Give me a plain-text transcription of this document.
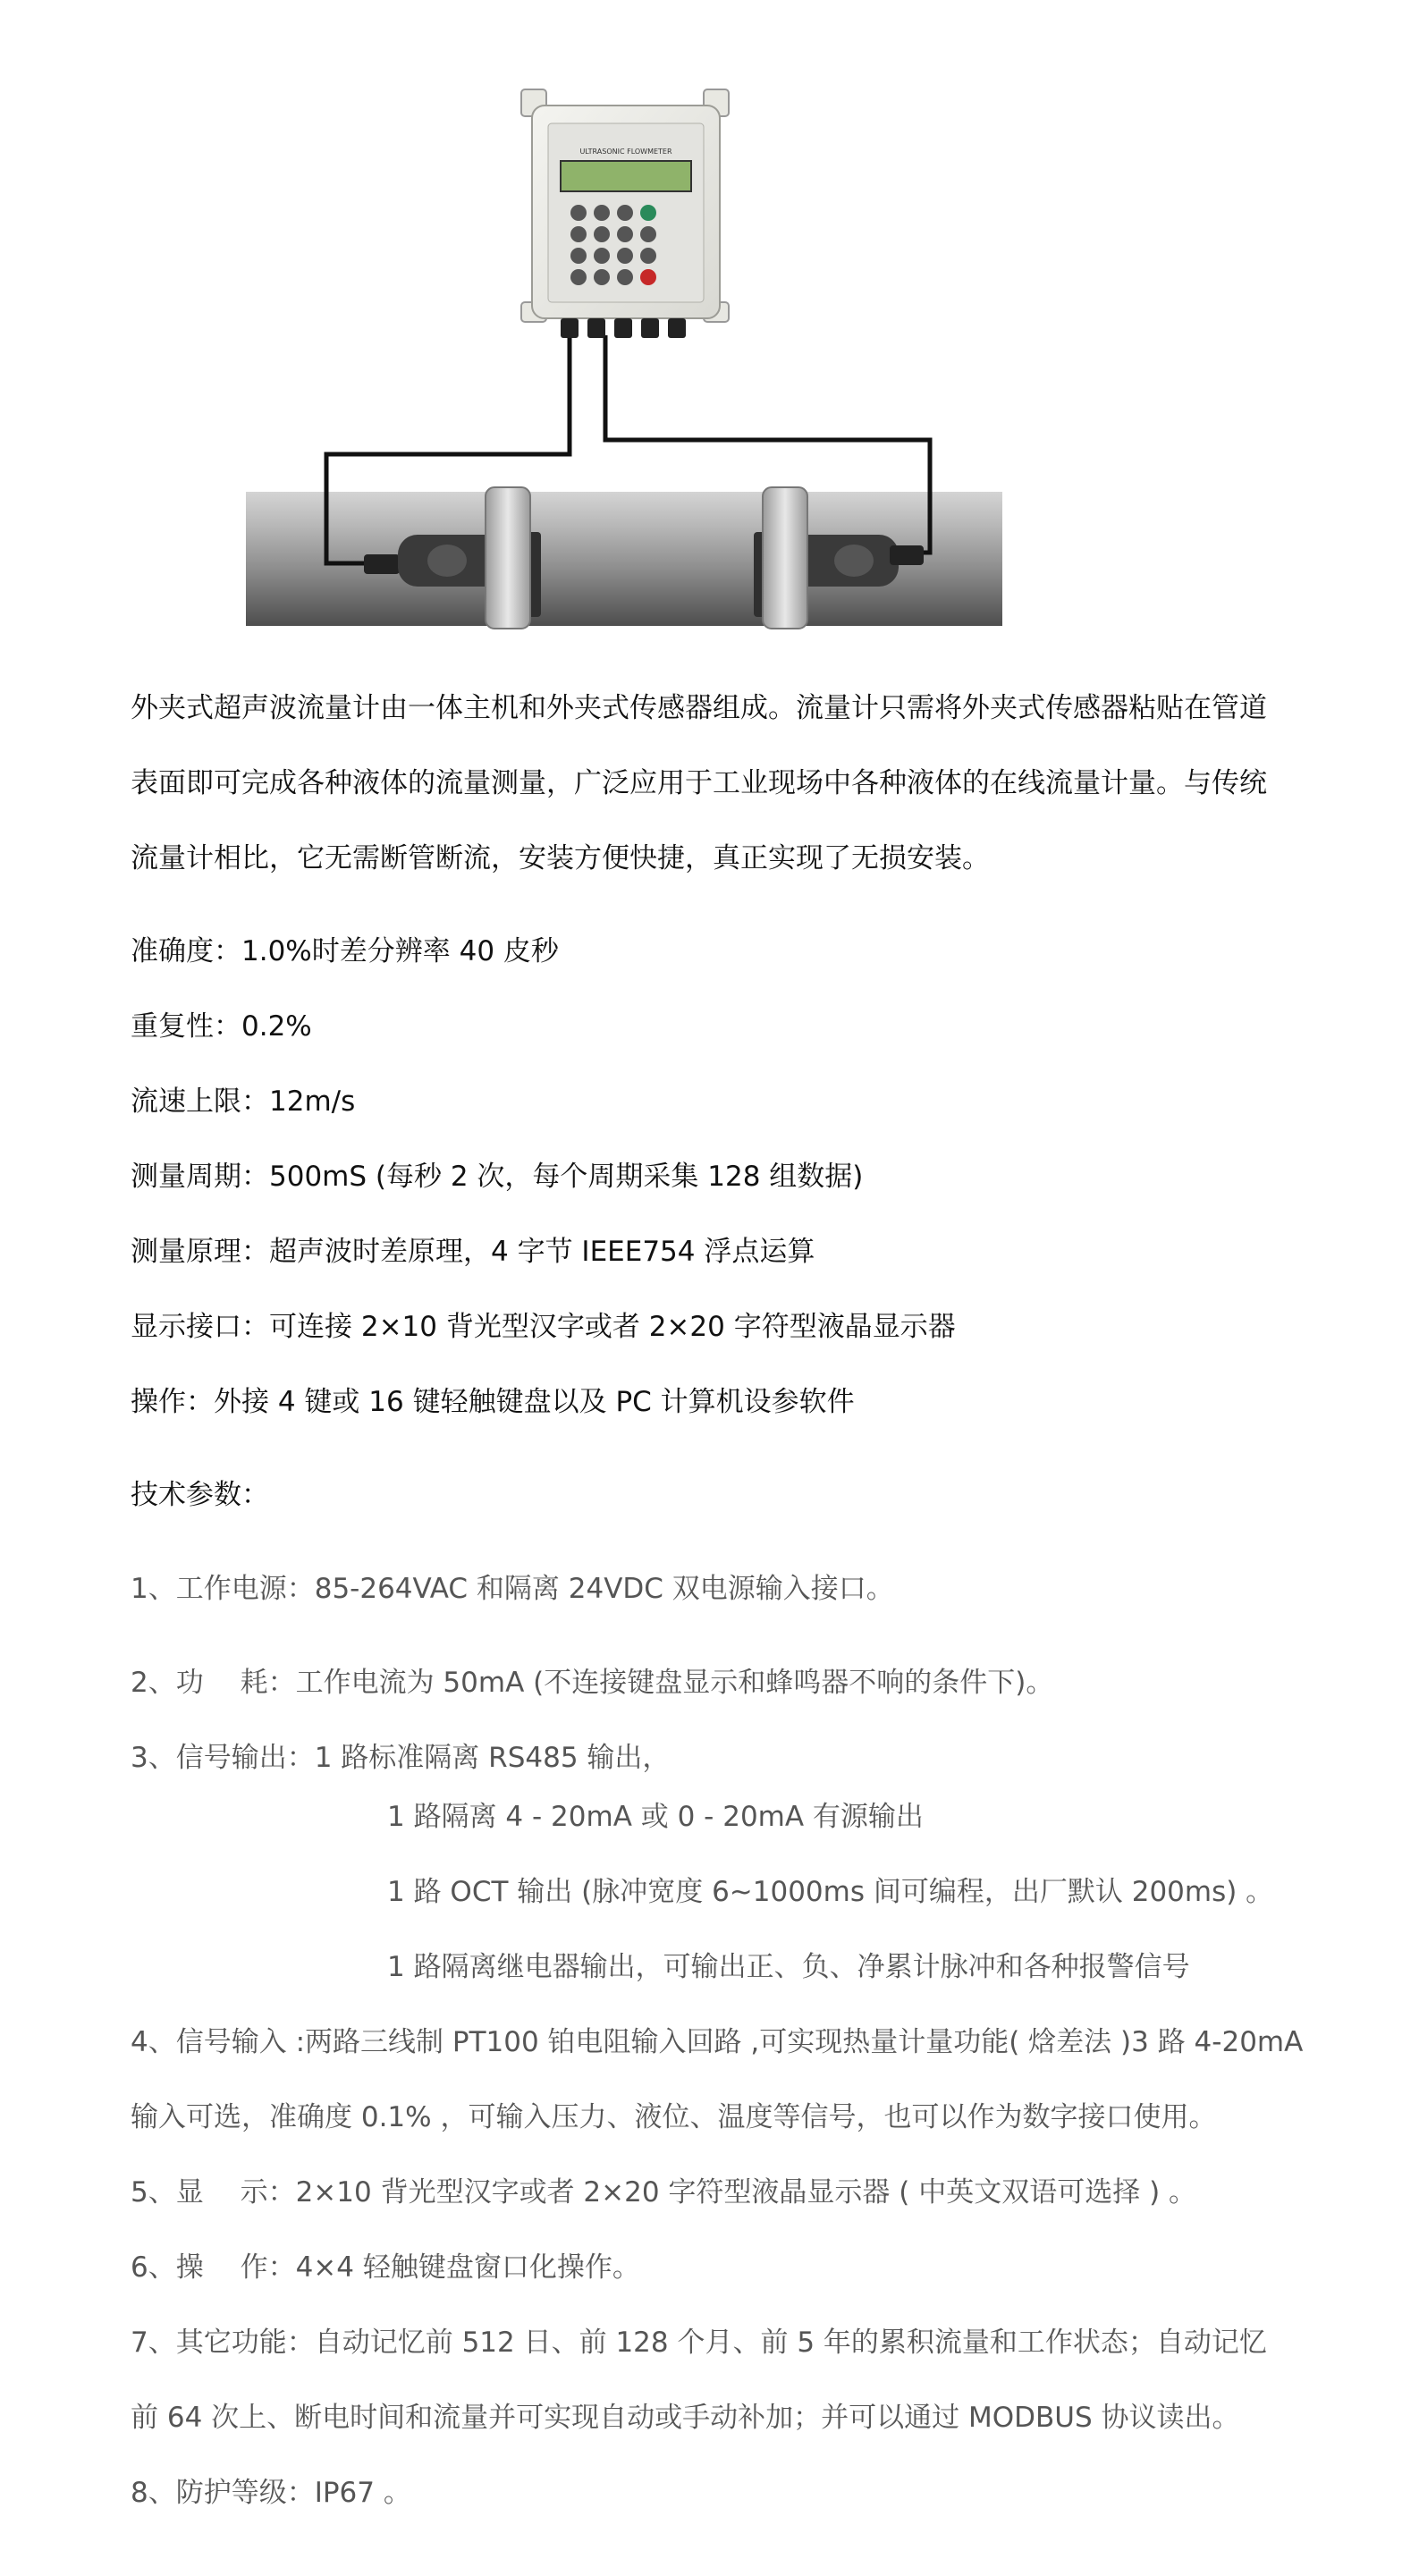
ULTRASONIC FLOWMETER
外夹式超声波流量计由一体主机和外夹式传感器组成。流量计只需将外夹式传感器粘贴在管道
表面即可完成各种液体的流量测量，广泛应用于工业现场中各种液体的在线流量计量。与传统
流量计相比，它无需断管断流，安装方便快捷，真正实现了无损安装。
准确度：1.0%时差分辨率 40 皮秒
重复性：0.2%
流速上限：12m/s
测量周期：500mS (每秒 2 次，每个周期采集 128 组数据)
测量原理：超声波时差原理，4 字节 IEEE754 浮点运算
显示接口：可连接 2×10 背光型汉字或者 2×20 字符型液晶显示器
操作：外接 4 键或 16 键轻触键盘以及 PC 计算机设参软件
技术参数：
1、工作电源：85-264VAC 和隔离 24VDC 双电源输入接口。
2、功　 耗：工作电流为 50mA (不连接键盘显示和蜂鸣器不响的条件下)。
3、信号输出：1 路标准隔离 RS485 输出，
1 路隔离 4 - 20mA 或 0 - 20mA 有源输出
1 路 OCT 输出 (脉冲宽度 6~1000ms 间可编程，出厂默认 200ms) 。
1 路隔离继电器输出，可输出正、负、净累计脉冲和各种报警信号
4、信号输入 :两路三线制 PT100 铂电阻输入回路 ,可实现热量计量功能( 焓差法 )3 路 4-20mA
输入可选，准确度 0.1% ，可输入压力、液位、温度等信号，也可以作为数字接口使用。
5、显　 示：2×10 背光型汉字或者 2×20 字符型液晶显示器 ( 中英文双语可选择 ) 。
6、操　 作：4×4 轻触键盘窗口化操作。
7、其它功能：自动记忆前 512 日、前 128 个月、前 5 年的累积流量和工作状态；自动记忆
前 64 次上、断电时间和流量并可实现自动或手动补加；并可以通过 MODBUS 协议读出。
8、防护等级：IP67 。
